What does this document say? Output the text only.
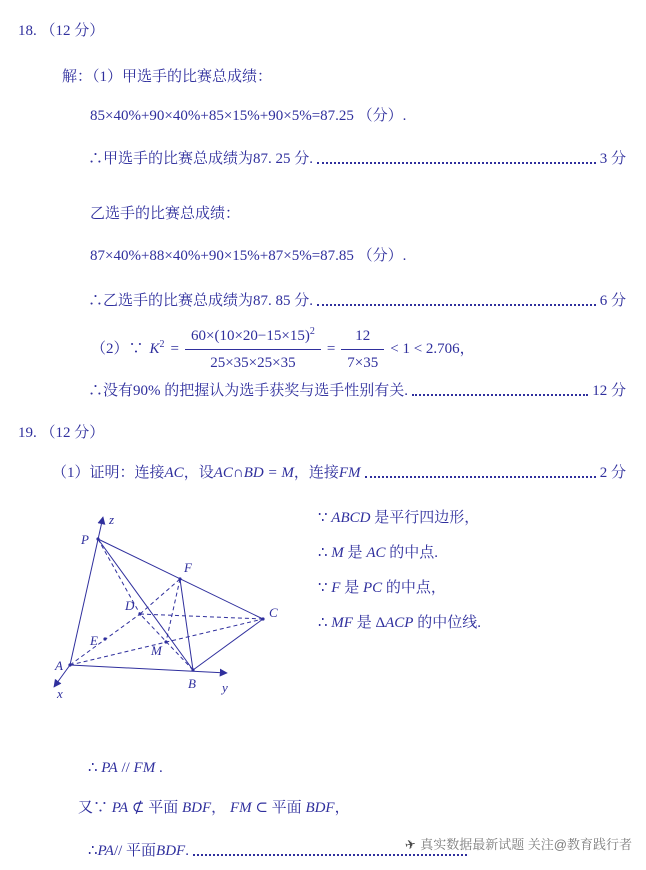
18. （12 分）
解：（1）甲选手的比赛总成绩：
85×40%+90×40%+85×15%+90×5%=87.25 （分）.
∴甲选手的比赛总成绩为87. 25 分.	3 分
乙选手的比赛总成绩：
87×40%+88×40%+90×15%+87×5%=87.85 （分）.
∴乙选手的比赛总成绩为87. 85 分.	6 分
（2）∵ $K^2 = \frac{60\times(10\times 20-15\times 15)^2}{25\times 35\times 25\times 35} = \frac{12}{7\times 35} < 1 < 2.706$，
∴没有90% 的把握认为选手获奖与选手性别有关.	12 分
19. （12 分）
（1）证明：连接 AC ，设 AC∩BD = M ，连接 FM	2 分
P
z
F
D	C
E
M
A
x
B y
∵ ABCD 是平行四边形，
∴ M 是 AC 的中点.
∵ F 是 PC 的中点，
∴ MF 是 ΔACP 的中位线.
∴ PA // FM .
又∵ PA ⊄ 平面 BDF， FM ⊂ 平面 BDF，
∴ PA // 平面 BDF .	✈ 真实数据最新试题 关注@教育践行者
